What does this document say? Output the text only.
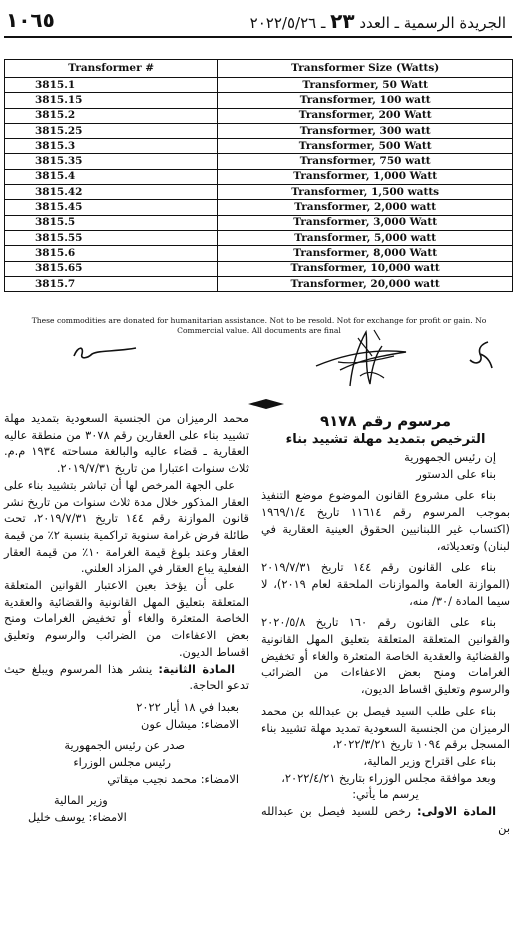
١٠٦٥	الجريدة الرسمية ـ العدد ٢٣ ـ ٢٠٢٢/٥/٢٦
Transformer #	Transformer Size (Watts)
3815.1	Transformer, 50 Watt
3815.15	Transformer, 100 watt
3815.2	Transformer, 200 Watt
3815.25	Transformer, 300 watt
3815.3	Transformer, 500 Watt
3815.35	Transformer, 750 watt
3815.4	Transformer, 1,000 Watt
3815.42	Transformer, 1,500 watts
3815.45	Transformer, 2,000 watt
3815.5	Transformer, 3,000 Watt
3815.55	Transformer, 5,000 watt
3815.6	Transformer, 8,000 Watt
3815.65	Transformer, 10,000 watt
3815.7	Transformer, 20,000 watt
These commodities are donated for humanitarian assistance. Not to be resold. Not for exchange for profit or gain. No Commercial value. All documents are final

مرسوم رقم ٩١٧٨

الترخيص بتمديد مهلة تشييد بناء

إن رئيس الجمهورية

بناء على الدستور

بناء على مشروع القانون الموضوع موضع التنفيذ بموجب المرسوم رقم ١١٦١٤ تاريخ ١٩٦٩/١/٤ (اكتساب غير اللبنانيين الحقوق العينية العقارية في لبنان) وتعديلاته،

بناء على القانون رقم ١٤٤ تاريخ ٢٠١٩/٧/٣١ (الموازنة العامة والموازنات الملحقة لعام ٢٠١٩)، لا سيما المادة /٣٠/ منه،

بناء على القانون رقم ١٦٠ تاريخ ٢٠٢٠/٥/٨ والقوانين المتعلقة المتعلقة بتعليق المهل القانونية والقضائية والعقدية الخاصة المتعثرة والغاء أو تخفيض الغرامات ومنح بعض الاعفاءات من الضرائب والرسوم وتعليق اقساط الديون،

بناء على طلب السيد فيصل بن عبدالله بن محمد الرميزان من الجنسية السعودية تمديد مهلة تشييد بناء المسجل برقم ١٠٩٤ تاريخ ٢٠٢٢/٣/٢١،

بناء على اقتراح وزير المالية،

وبعد موافقة مجلس الوزراء بتاريخ ٢٠٢٢/٤/٢١،

يرسم ما يأتي:

المادة الاولى: رخص للسيد فيصل بن عبدالله بن

محمد الرميزان من الجنسية السعودية بتمديد مهلة تشييد بناء على العقارين رقم ٣٠٧٨ من منطقة عاليه العقارية ـ قضاء عاليه والبالغة مساحته ١٩٣٤ م.م. ثلاث سنوات اعتبارا من تاريخ ٢٠١٩/٧/٣١.

على الجهة المرخص لها أن تباشر بتشييد بناء على العقار المذكور خلال مدة ثلاث سنوات من تاريخ نشر قانون الموازنة رقم ١٤٤ تاريخ ٢٠١٩/٧/٣١، تحت طائلة فرض غرامة سنوية تراكمية بنسبة ٢٪ من قيمة العقار وعند بلوغ قيمة الغرامة ١٠٪ من قيمة العقار الفعلية يباع العقار في المزاد العلني.

على أن يؤخذ بعين الاعتبار القوانين المتعلقة المتعلقة بتعليق المهل القانونية والقضائية والعقدية الخاصة المتعثرة والغاء أو تخفيض الغرامات ومنح بعض الاعفاءات من الضرائب والرسوم وتعليق اقساط الديون.

المادة الثانية: ينشر هذا المرسوم ويبلغ حيث تدعو الحاجة.

بعبدا في ١٨ أيار ٢٠٢٢

الامضاء: ميشال عون

صدر عن رئيس الجمهورية

رئيس مجلس الوزراء

الامضاء: محمد نجيب ميقاتي

وزير المالية

الامضاء: يوسف خليل
